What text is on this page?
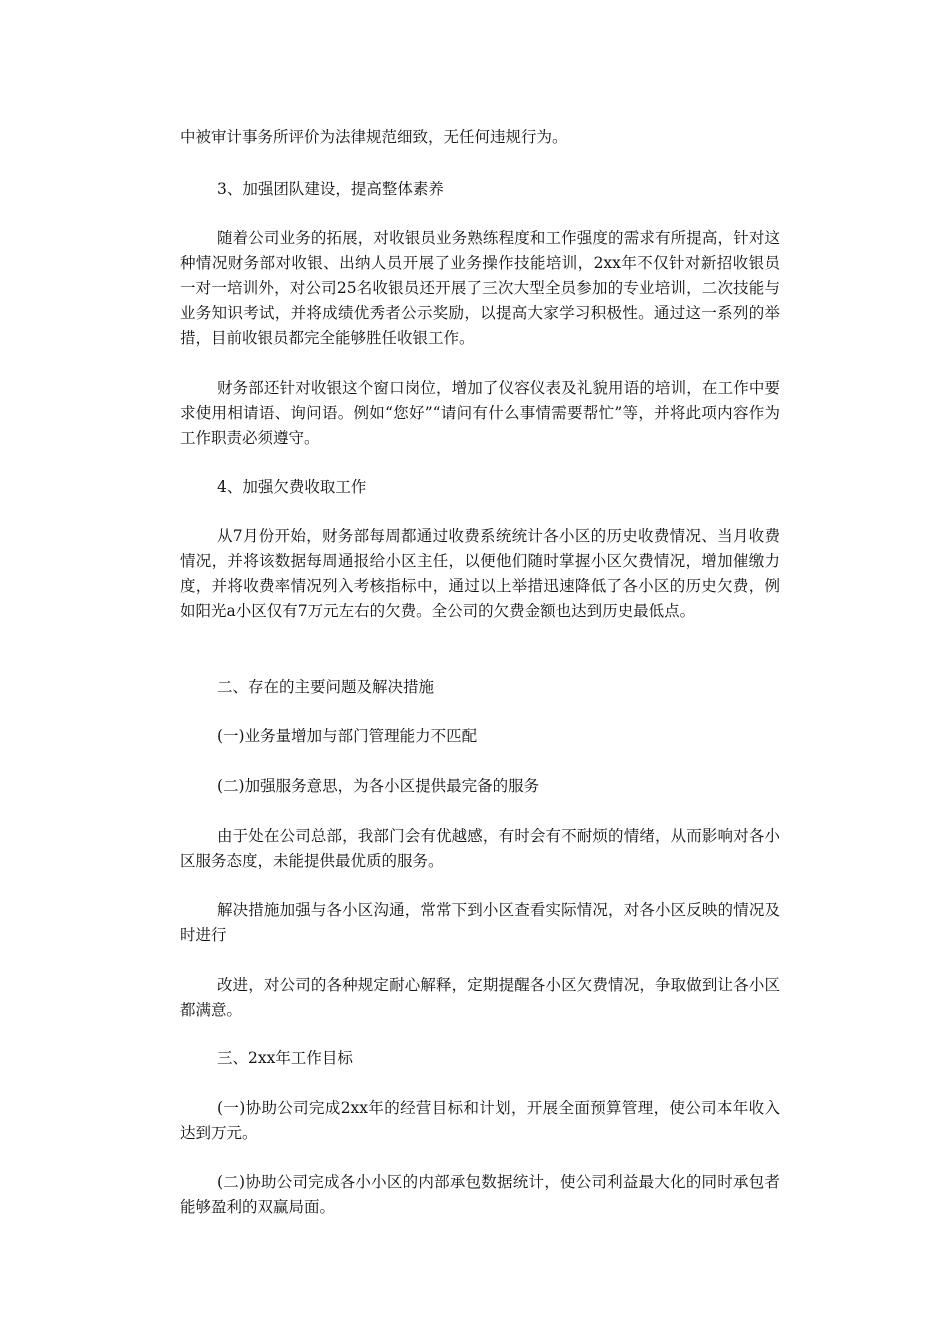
中被审计事务所评价为法律规范细致，无任何违规行为。

3、加强团队建设，提高整体素养

随着公司业务的拓展，对收银员业务熟练程度和工作强度的需求有所提高，针对这种情况财务部对收银、出纳人员开展了业务操作技能培训，2xx年不仅针对新招收银员一对一培训外，对公司25名收银员还开展了三次大型全员参加的专业培训，二次技能与业务知识考试，并将成绩优秀者公示奖励，以提高大家学习积极性。通过这一系列的举措，目前收银员都完全能够胜任收银工作。

财务部还针对收银这个窗口岗位，增加了仪容仪表及礼貌用语的培训，在工作中要求使用相请语、询问语。例如“您好”“请问有什么事情需要帮忙”等，并将此项内容作为工作职责必须遵守。

4、加强欠费收取工作

从7月份开始，财务部每周都通过收费系统统计各小区的历史收费情况、当月收费情况，并将该数据每周通报给小区主任，以便他们随时掌握小区欠费情况，增加催缴力度，并将收费率情况列入考核指标中，通过以上举措迅速降低了各小区的历史欠费，例如阳光a小区仅有7万元左右的欠费。全公司的欠费金额也达到历史最低点。

二、存在的主要问题及解决措施

(一)业务量增加与部门管理能力不匹配

(二)加强服务意思，为各小区提供最完备的服务

由于处在公司总部，我部门会有优越感，有时会有不耐烦的情绪，从而影响对各小区服务态度，未能提供最优质的服务。

解决措施加强与各小区沟通，常常下到小区查看实际情况，对各小区反映的情况及时进行

改进，对公司的各种规定耐心解释，定期提醒各小区欠费情况，争取做到让各小区都满意。

三、2xx年工作目标

(一)协助公司完成2xx年的经营目标和计划，开展全面预算管理，使公司本年收入达到万元。

(二)协助公司完成各小小区的内部承包数据统计，使公司利益最大化的同时承包者能够盈利的双赢局面。
